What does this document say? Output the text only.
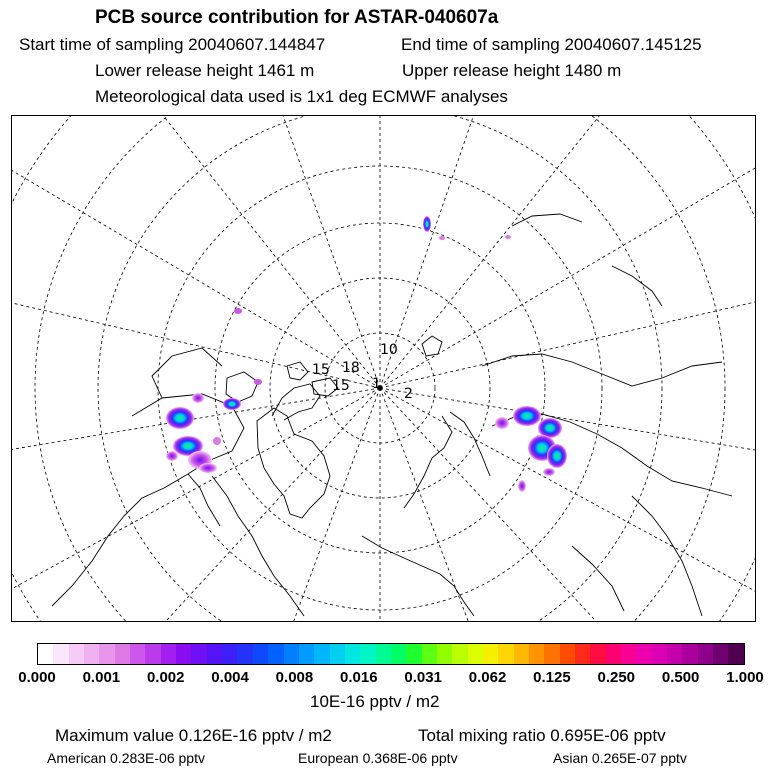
PCB source contribution for ASTAR-040607a
Start time of sampling 20040607.144847	End time of sampling 20040607.145125
Lower release height 1461 m	Upper release height 1480 m
Meteorological data used is 1x1 deg ECMWF analyses
10
18
15
15	2
1
0.000 0.001 0.002 0.004 0.008 0.016 0.031 0.062 0.125 0.250 0.500 1.000
10E-16 pptv / m2
Maximum value 0.126E-16 pptv / m2	Total mixing ratio 0.695E-06 pptv
American 0.283E-06 pptv	European 0.368E-06 pptv	Asian 0.265E-07 pptv
